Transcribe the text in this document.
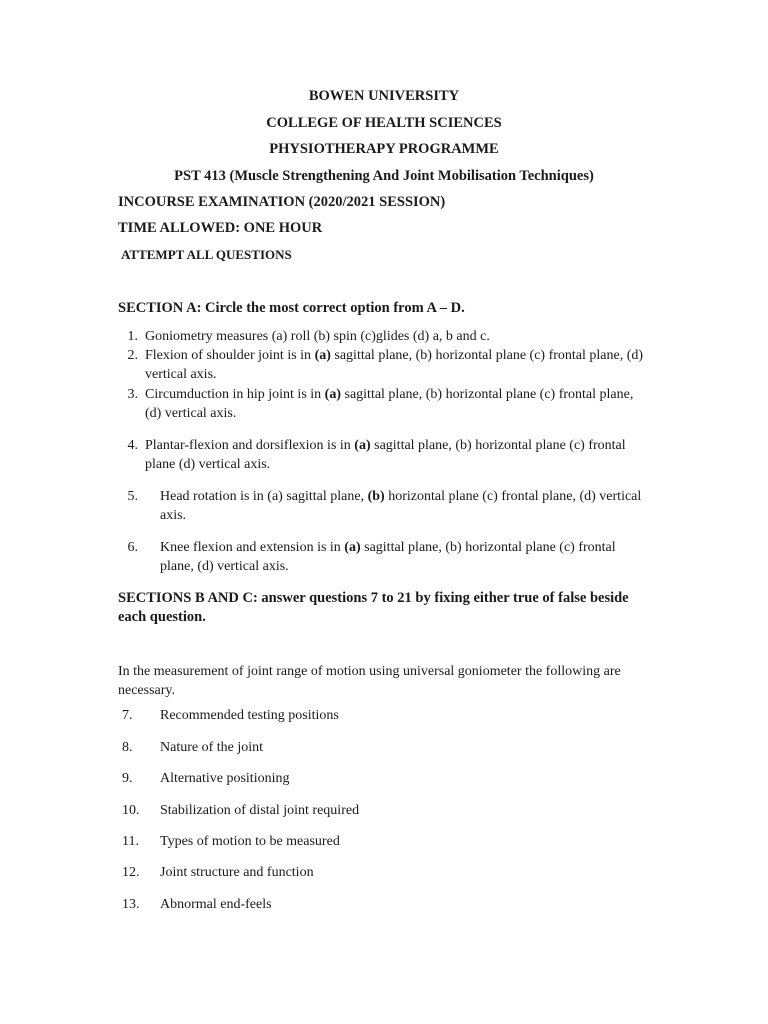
BOWEN UNIVERSITY
COLLEGE OF HEALTH SCIENCES
PHYSIOTHERAPY PROGRAMME
PST 413 (Muscle Strengthening And Joint Mobilisation Techniques)
INCOURSE EXAMINATION (2020/2021 SESSION)
TIME ALLOWED: ONE HOUR
ATTEMPT ALL QUESTIONS
SECTION A: Circle the most correct option from A – D.
1. Goniometry measures (a) roll (b) spin (c)glides (d) a, b and c.
2. Flexion of shoulder joint is in (a) sagittal plane, (b) horizontal plane (c) frontal plane, (d) vertical axis.
3. Circumduction in hip joint is in (a) sagittal plane, (b) horizontal plane (c) frontal plane, (d) vertical axis.
4. Plantar-flexion and dorsiflexion is in (a) sagittal plane, (b) horizontal plane (c) frontal plane (d) vertical axis.
5.	Head rotation is in (a) sagittal plane, (b) horizontal plane (c) frontal plane, (d) vertical axis.
6.	Knee flexion and extension is in (a) sagittal plane, (b) horizontal plane (c) frontal plane, (d) vertical axis.
SECTIONS B AND C: answer questions 7 to 21 by fixing either true of false beside each question.
In the measurement of joint range of motion using universal goniometer the following are necessary.
7. Recommended testing positions
8. Nature of the joint
9. Alternative positioning
10. Stabilization of distal joint required
11. Types of motion to be measured
12. Joint structure and function
13. Abnormal end-feels
